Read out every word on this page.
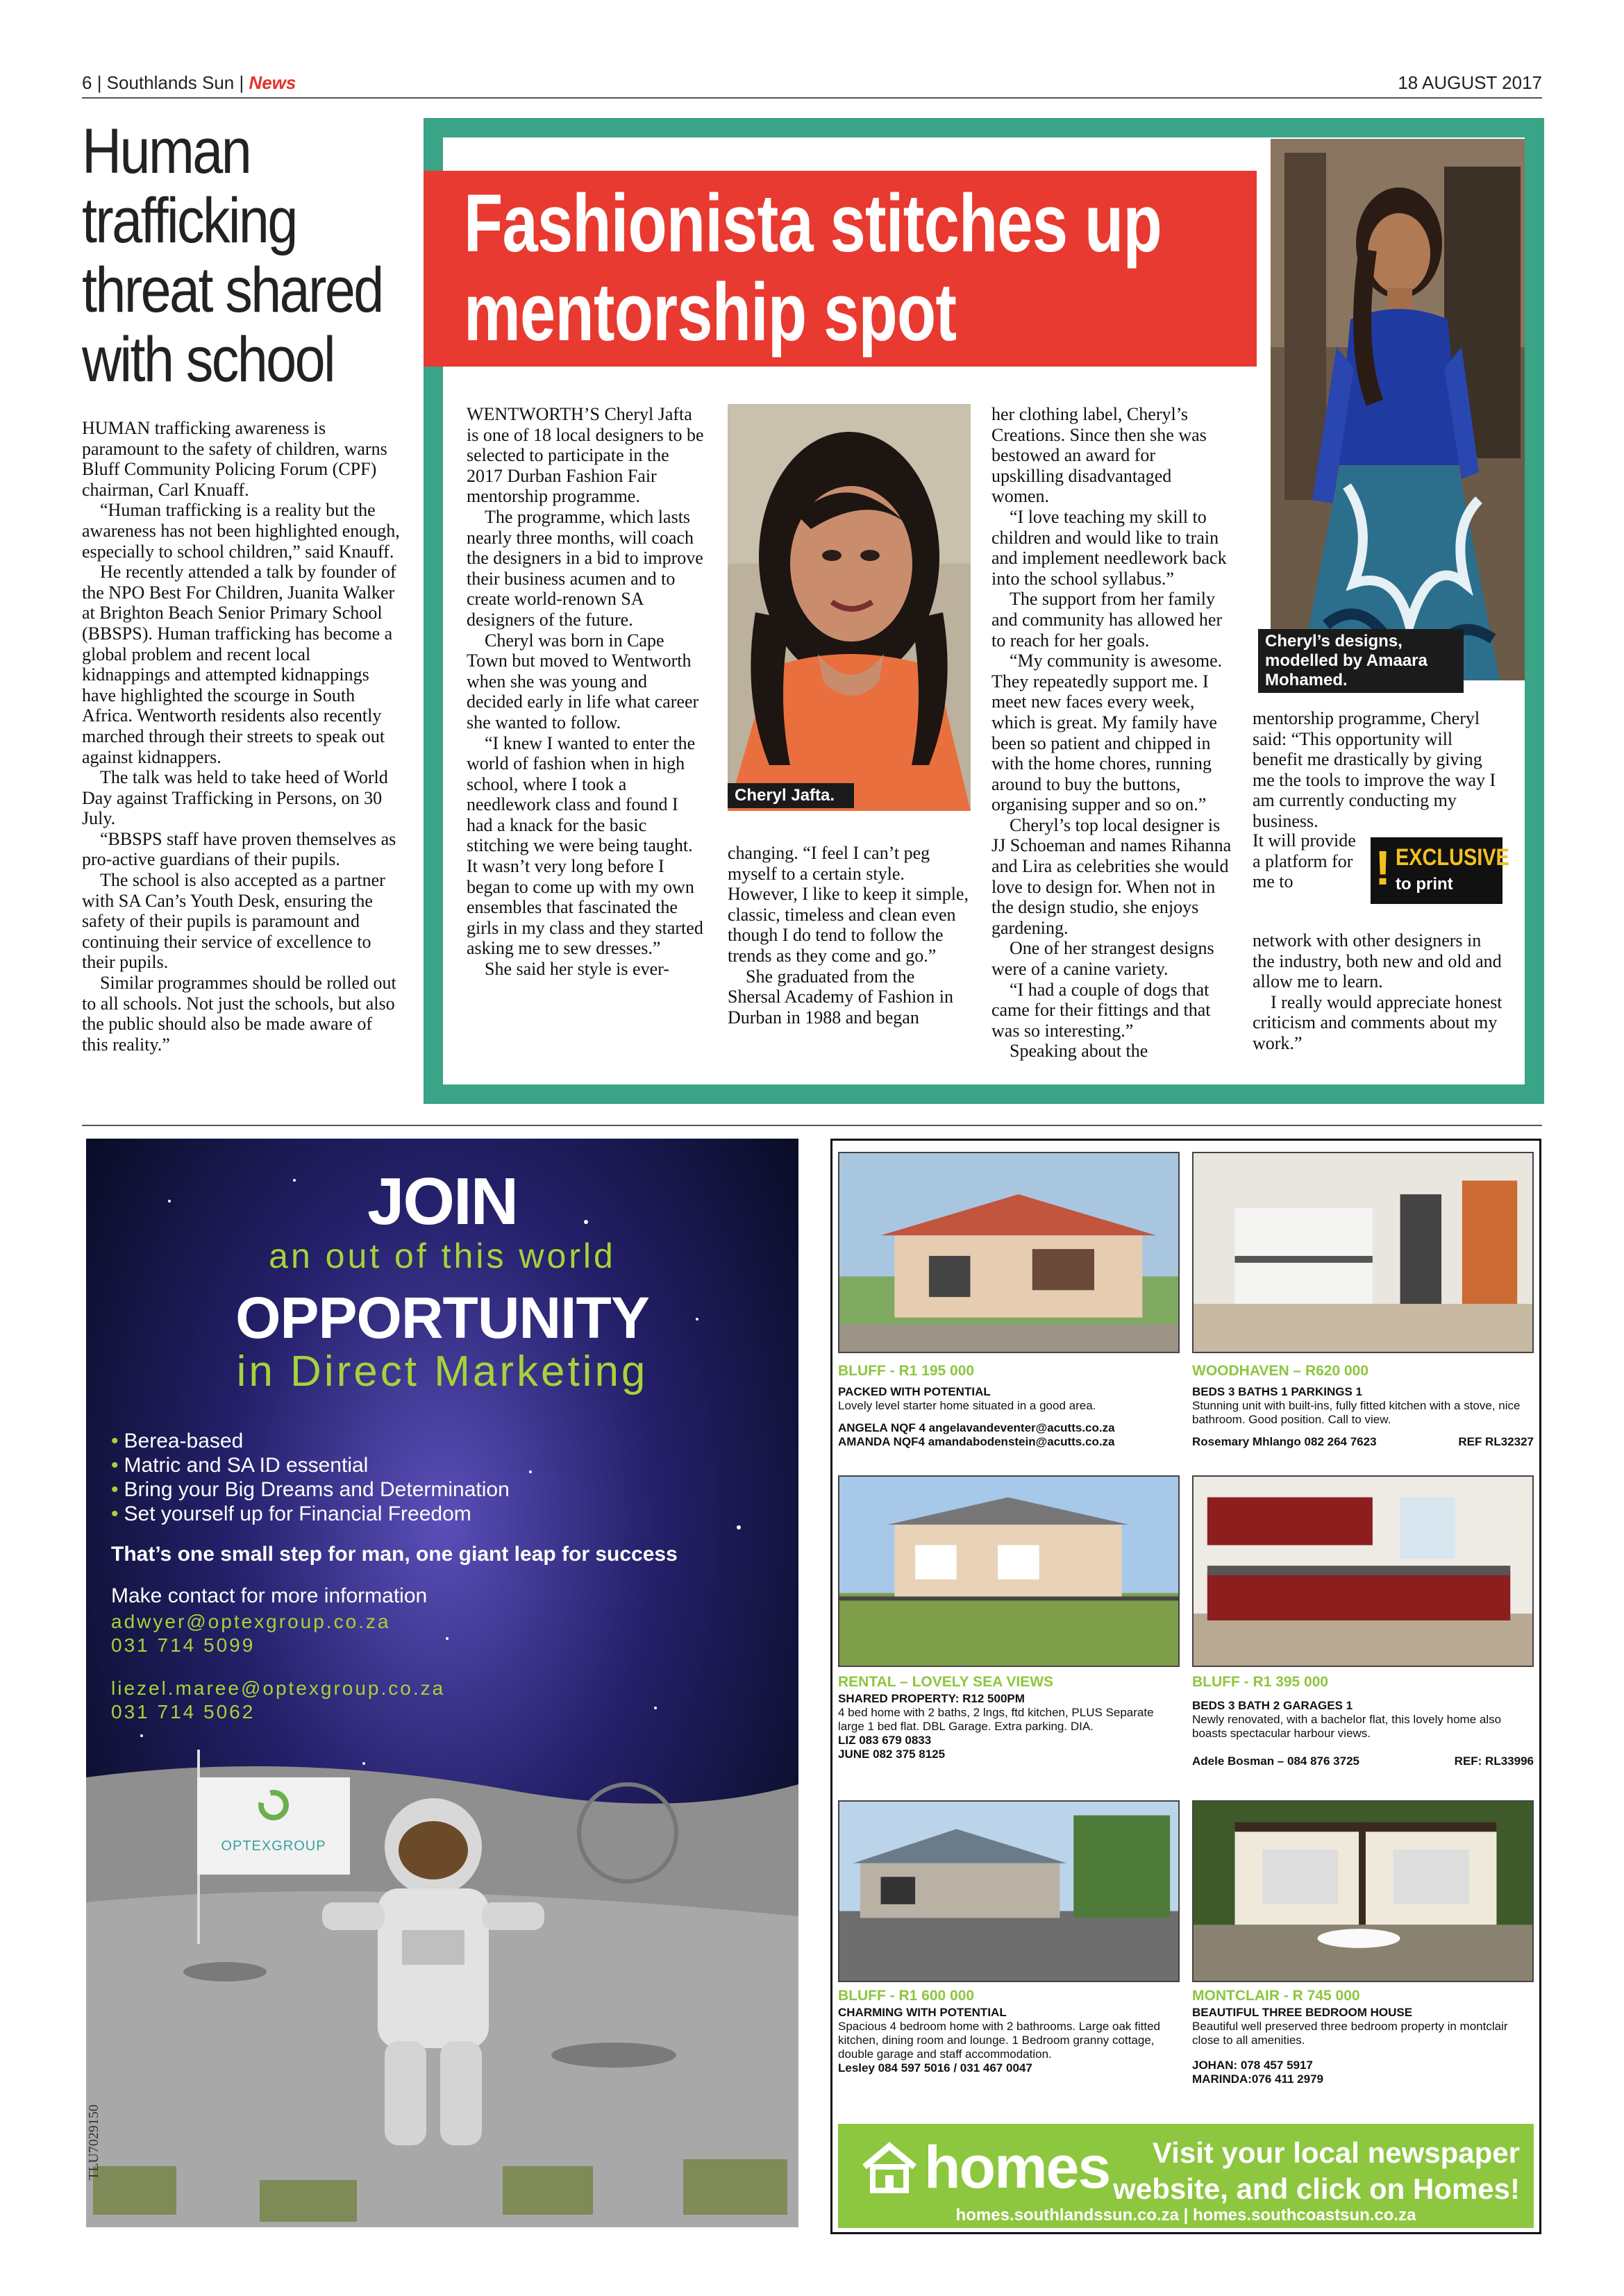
6 | Southlands Sun | News	18 AUGUST 2017
Human trafficking threat shared with school

HUMAN trafficking awareness is paramount to the safety of children, warns Bluff Community Policing Forum (CPF) chairman, Carl Knuaff.

“Human trafficking is a reality but the awareness has not been highlighted enough, especially to school children,” said Knauff.

He recently attended a talk by founder of the NPO Best For Children, Juanita Walker at Brighton Beach Senior Primary School (BBSPS). Human trafficking has become a global problem and recent local kidnappings and attempted kidnappings have highlighted the scourge in South Africa. Wentworth residents also recently marched through their streets to speak out against kidnappers.

The talk was held to take heed of World Day against Trafficking in Persons, on 30 July.

“BBSPS staff have proven themselves as pro-active guardians of their pupils.

The school is also accepted as a partner with SA Can’s Youth Desk, ensuring the safety of their pupils is paramount and continuing their service of excellence to their pupils.

Similar programmes should be rolled out to all schools. Not just the schools, but also the public should also be made aware of this reality.”

Fashionista stitches up mentorship spot
Cheryl’s designs, modelled by Amaara Mohamed.
Cheryl Jafta.

WENTWORTH’S Cheryl Jafta is one of 18 local designers to be selected to participate in the 2017 Durban Fashion Fair mentorship programme.

The programme, which lasts nearly three months, will coach the designers in a bid to improve their business acumen and to create world-renown SA designers of the future.

Cheryl was born in Cape Town but moved to Wentworth when she was young and decided early in life what career she wanted to follow.

“I knew I wanted to enter the world of fashion when in high school, where I took a needlework class and found I had a knack for the basic stitching we were being taught. It wasn’t very long before I began to come up with my own ensembles that fascinated the girls in my class and they started asking me to sew dresses.”

She said her style is ever-

changing. “I feel I can’t peg myself to a certain style. However, I like to keep it simple, classic, timeless and clean even though I do tend to follow the trends as they come and go.”

She graduated from the Shersal Academy of Fashion in Durban in 1988 and began

her clothing label, Cheryl’s Creations. Since then she was bestowed an award for upskilling disadvantaged women.

“I love teaching my skill to children and would like to train and implement needlework back into the school syllabus.”

The support from her family and community has allowed her to reach for her goals.

“My community is awesome. They repeatedly support me. I meet new faces every week, which is great. My family have been so patient and chipped in with the home chores, running around to buy the buttons, organising supper and so on.”

Cheryl’s top local designer is JJ Schoeman and names Rihanna and Lira as celebrities she would love to design for. When not in the design studio, she enjoys gardening.

One of her strangest designs were of a canine variety.

“I had a couple of dogs that came for their fittings and that was so interesting.”

Speaking about the

mentorship programme, Cheryl said: “This opportunity will benefit me drastically by giving me the tools to improve the way I am currently conducting my business.

It will provide a platform for me to

network with other designers in the industry, both new and old and allow me to learn.

I really would appreciate honest criticism and comments about my work.”

! EXCLUSIVE
to print
JOIN
an out of this world
OPPORTUNITY
in Direct Marketing
• Berea-based
• Matric and SA ID essential
• Bring your Big Dreams and Determination
• Set yourself up for Financial Freedom
That’s one small step for man, one giant leap for success
Make contact for more information
adwyer@optexgroup.co.za
031 714 5099
liezel.maree@optexgroup.co.za
031 714 5062
OPTEXGROUP
TLU7029150
BLUFF - R1 195 000
PACKED WITH POTENTIAL
Lovely level starter home situated in a good area.
ANGELA NQF 4 angelavandeventer@acutts.co.za
AMANDA NQF4 amandabodenstein@acutts.co.za
WOODHAVEN – R620 000
BEDS 3 BATHS 1 PARKINGS 1
Stunning unit with built-ins, fully fitted kitchen with a stove, nice bathroom. Good position. Call to view.
Rosemary Mhlango 082 264 7623	REF RL32327
RENTAL – LOVELY SEA VIEWS
SHARED PROPERTY: R12 500PM
4 bed home with 2 baths, 2 lngs, ftd kitchen, PLUS Separate large 1 bed flat. DBL Garage. Extra parking. DIA.
LIZ 083 679 0833
JUNE 082 375 8125
BLUFF - R1 395 000
BEDS 3 BATH 2 GARAGES 1
Newly renovated, with a bachelor flat, this lovely home also boasts spectacular harbour views.
Adele Bosman – 084 876 3725	REF: RL33996
BLUFF - R1 600 000
CHARMING WITH POTENTIAL
Spacious 4 bedroom home with 2 bathrooms. Large oak fitted kitchen, dining room and lounge. 1 Bedroom granny cottage, double garage and staff accommodation.
Lesley 084 597 5016 / 031 467 0047
MONTCLAIR - R 745 000
BEAUTIFUL THREE BEDROOM HOUSE
Beautiful well preserved three bedroom property in montclair close to all amenities.
JOHAN: 078 457 5917
MARINDA:076 411 2979
homes	Visit your local newspaper
website, and click on Homes!
homes.southlandssun.co.za | homes.southcoastsun.co.za
